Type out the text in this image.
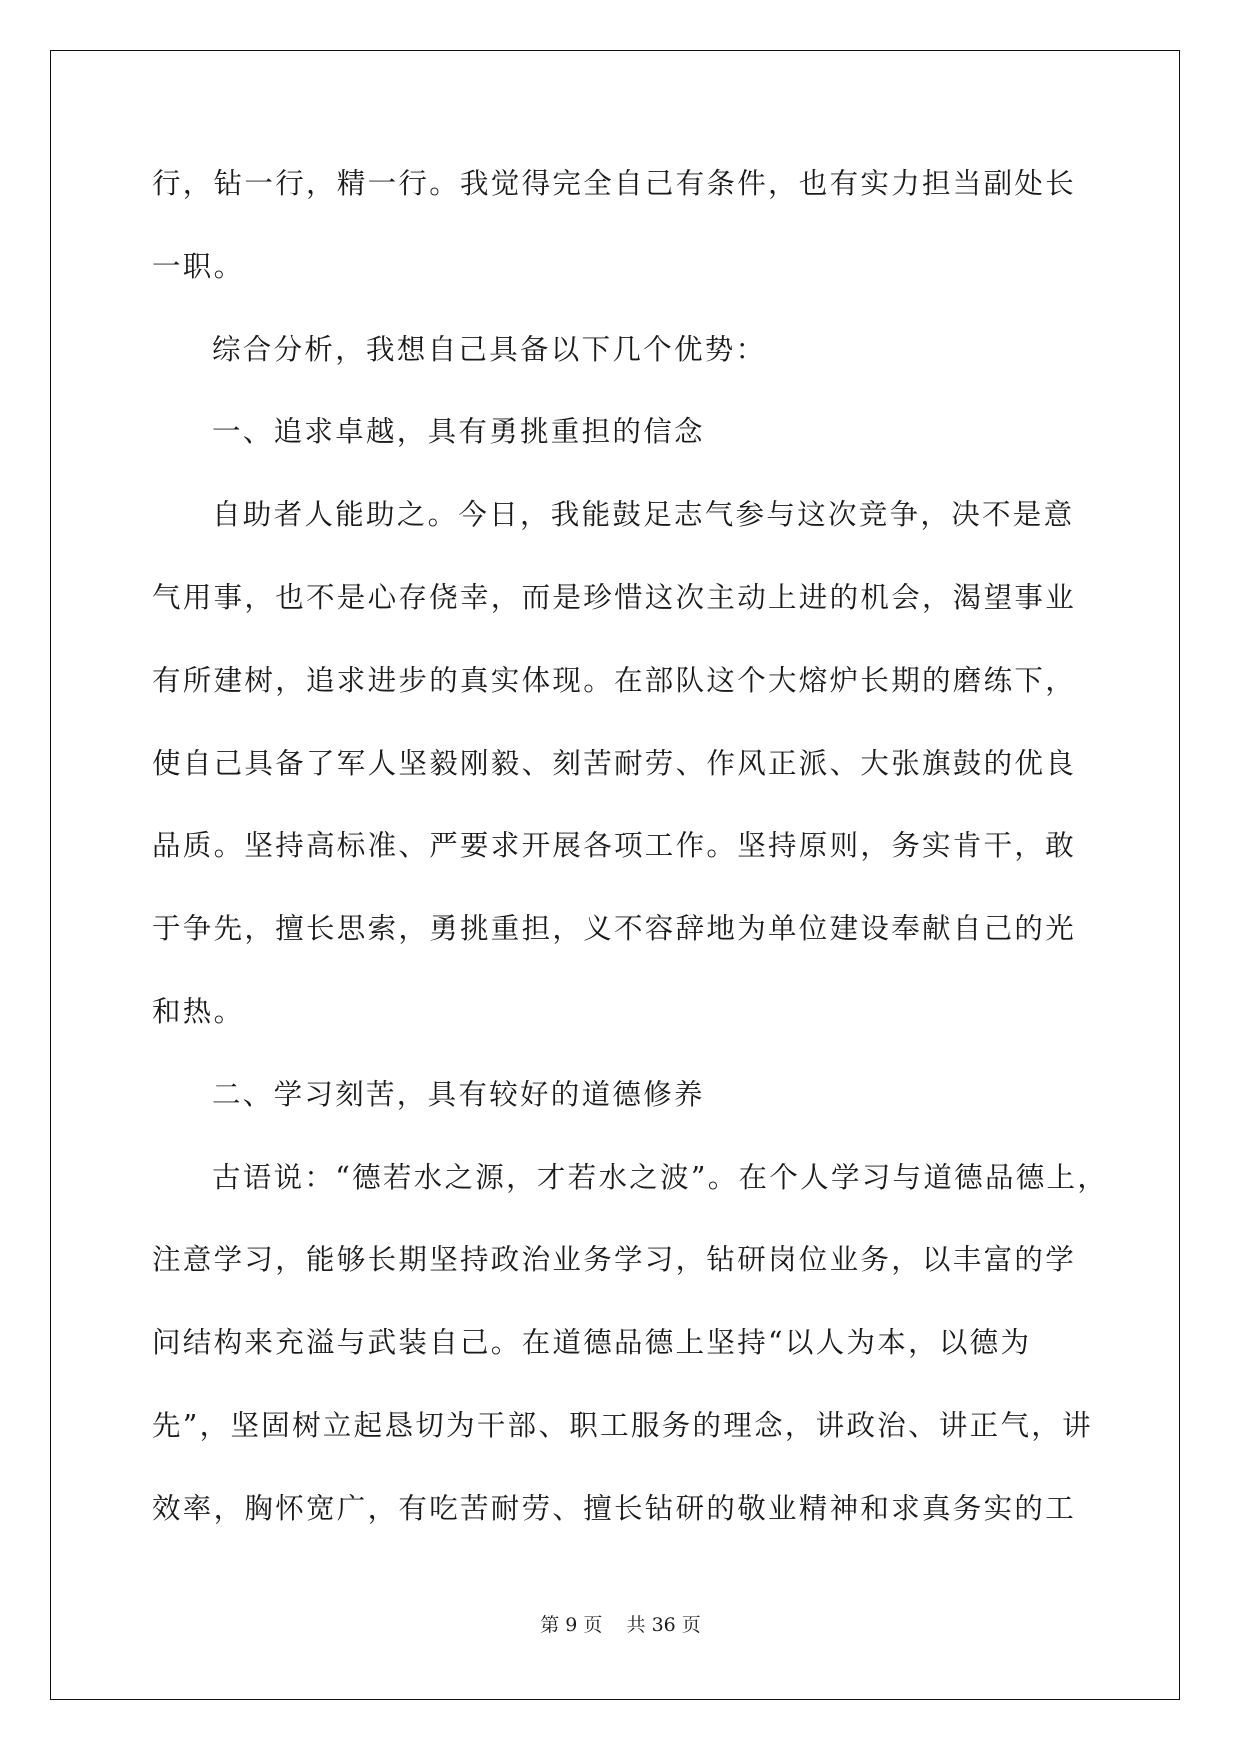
行，钻一行，精一行。我觉得完全自己有条件，也有实力担当副处长
一职。
综合分析，我想自己具备以下几个优势：
一、追求卓越，具有勇挑重担的信念
自助者人能助之。今日，我能鼓足志气参与这次竞争，决不是意
气用事，也不是心存侥幸，而是珍惜这次主动上进的机会，渴望事业
有所建树，追求进步的真实体现。在部队这个大熔炉长期的磨练下，
使自己具备了军人坚毅刚毅、刻苦耐劳、作风正派、大张旗鼓的优良
品质。坚持高标准、严要求开展各项工作。坚持原则，务实肯干，敢
于争先，擅长思索，勇挑重担，义不容辞地为单位建设奉献自己的光
和热。
二、学习刻苦，具有较好的道德修养
古语说：“德若水之源，才若水之波”。在个人学习与道德品德上，
注意学习，能够长期坚持政治业务学习，钻研岗位业务，以丰富的学
问结构来充溢与武装自己。在道德品德上坚持“以人为本，以德为
先”，坚固树立起恳切为干部、职工服务的理念，讲政治、讲正气，讲
效率，胸怀宽广，有吃苦耐劳、擅长钻研的敬业精神和求真务实的工
第 9 页 共 36 页
